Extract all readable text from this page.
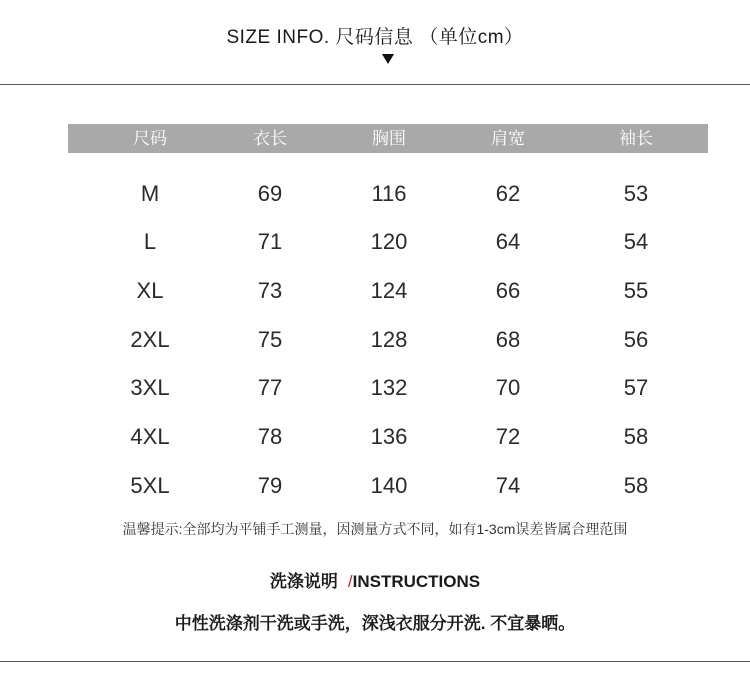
SIZE INFO. 尺码信息 （单位cm）
尺码	衣长	胸围	肩宽	袖长
M	69	116	62	53
L	71	120	64	54
XL	73	124	66	55
2XL	75	128	68	56
3XL	77	132	70	57
4XL	78	136	72	58
5XL	79	140	74	58
温馨提示:全部均为平铺手工测量，因测量方式不同，如有1-3cm误差皆属合理范围
洗涤说明 /INSTRUCTIONS
中性洗涤剂干洗或手洗，深浅衣服分开洗. 不宜暴晒。
